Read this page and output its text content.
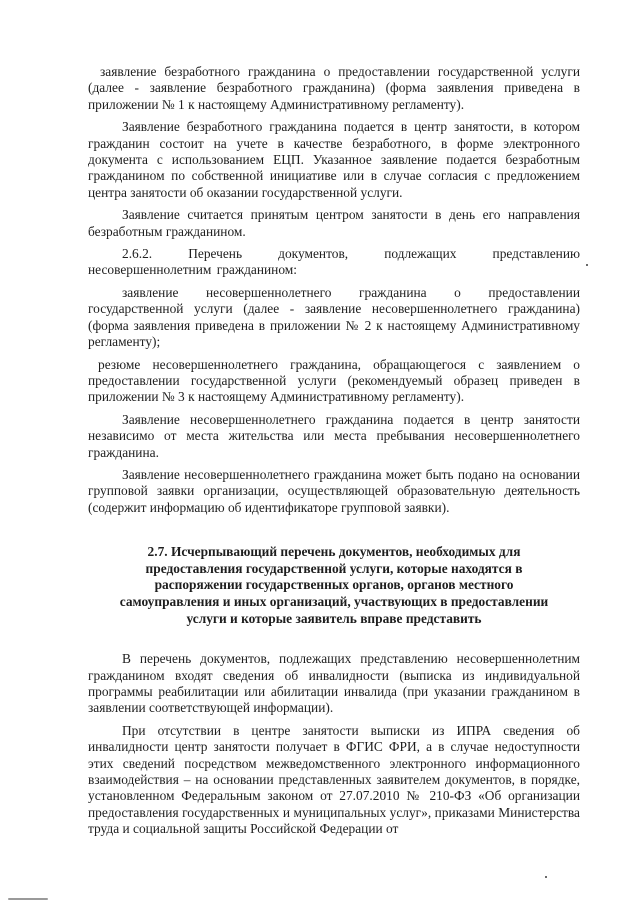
заявление безработного гражданина о предоставлении государственной услуги (далее - заявление безработного гражданина) (форма заявления приведена в приложении № 1 к настоящему Административному регламенту).

Заявление безработного гражданина подается в центр занятости, в котором гражданин состоит на учете в качестве безработного, в форме электронного документа с использованием ЕЦП. Указанное заявление подается безработным гражданином по собственной инициативе или в случае согласия с предложением центра занятости об оказании государственной услуги.

Заявление считается принятым центром занятости в день его направления безработным гражданином.

2.6.2. Перечень документов, подлежащих представлению несовершеннолетним гражданином:

заявление несовершеннолетнего гражданина о предоставлении государственной услуги (далее - заявление несовершеннолетнего гражданина) (форма заявления приведена в приложении № 2 к настоящему Административному регламенту);

резюме несовершеннолетнего гражданина, обращающегося с заявлением о предоставлении государственной услуги (рекомендуемый образец приведен в приложении № 3 к настоящему Административному регламенту).

Заявление несовершеннолетнего гражданина подается в центр занятости независимо от места жительства или места пребывания несовершеннолетнего гражданина.

Заявление несовершеннолетнего гражданина может быть подано на основании групповой заявки организации, осуществляющей образовательную деятельность (содержит информацию об идентификаторе групповой заявки).

2.7. Исчерпывающий перечень документов, необходимых для предоставления государственной услуги, которые находятся в распоряжении государственных органов, органов местного самоуправления и иных организаций, участвующих в предоставлении услуги и которые заявитель вправе представить

В перечень документов, подлежащих представлению несовершеннолетним гражданином входят сведения об инвалидности (выписка из индивидуальной программы реабилитации или абилитации инвалида (при указании гражданином в заявлении соответствующей информации).

При отсутствии в центре занятости выписки из ИПРА сведения об инвалидности центр занятости получает в ФГИС ФРИ, а в случае недоступности этих сведений посредством межведомственного электронного информационного взаимодействия – на основании представленных заявителем документов, в порядке, установленном Федеральным законом от 27.07.2010 № 210-ФЗ «Об организации предоставления государственных и муниципальных услуг», приказами Министерства труда и социальной защиты Российской Федерации от
